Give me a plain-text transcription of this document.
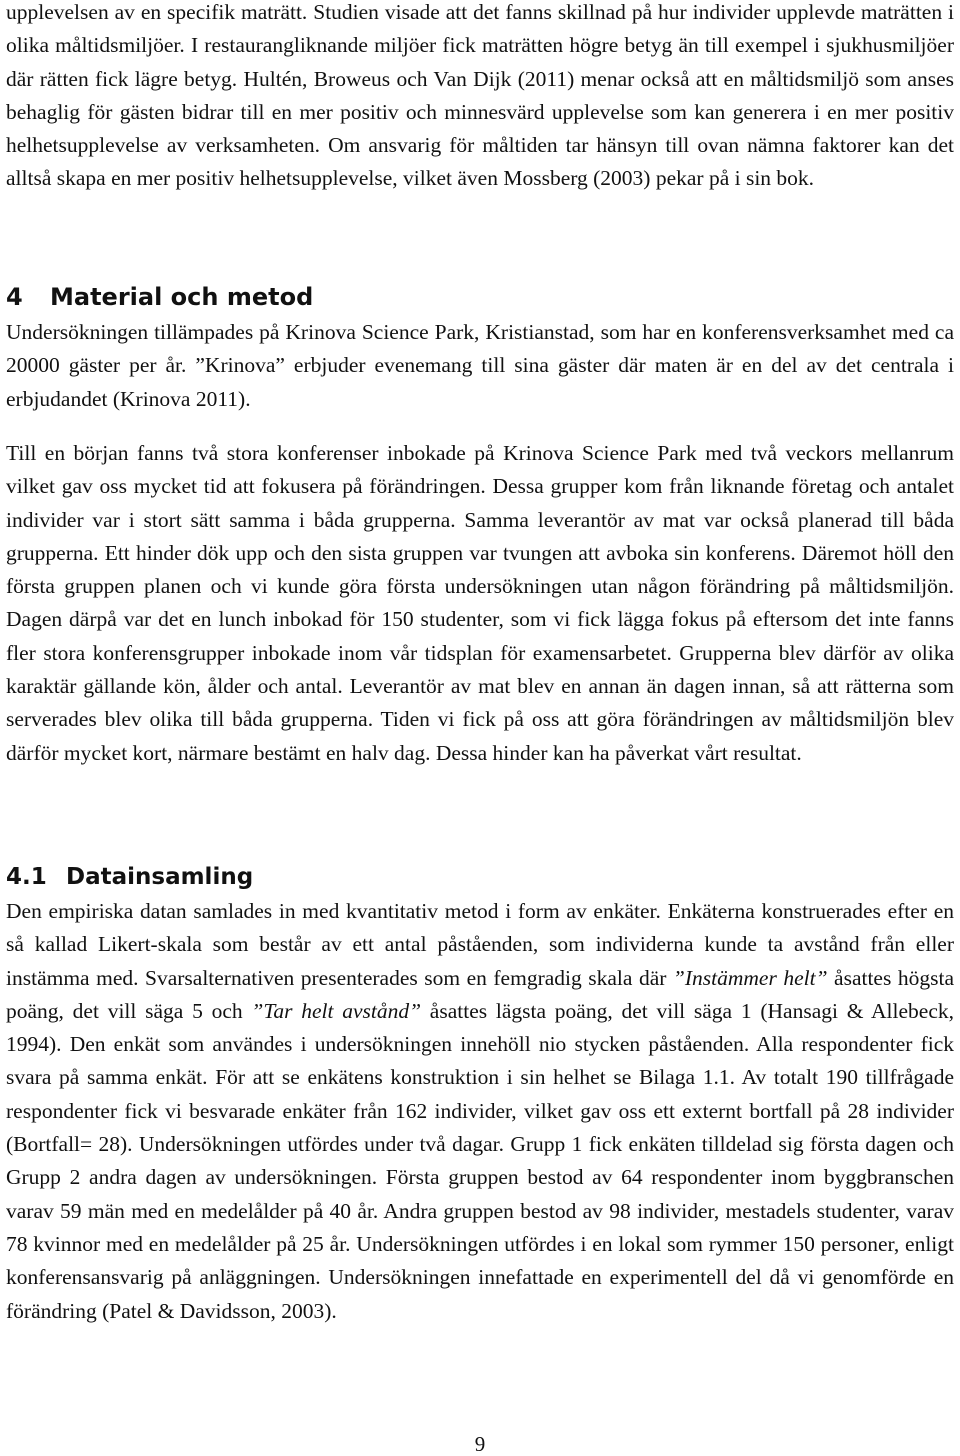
upplevelsen av en specifik maträtt. Studien visade att det fanns skillnad på hur individer upplevde maträtten i olika måltidsmiljöer. I restaurangliknande miljöer fick maträtten högre betyg än till exempel i sjukhusmiljöer där rätten fick lägre betyg. Hultén, Broweus och Van Dijk (2011) menar också att en måltidsmiljö som anses behaglig för gästen bidrar till en mer positiv och minnesvärd upplevelse som kan generera i en mer positiv helhetsupplevelse av verksamheten. Om ansvarig för måltiden tar hänsyn till ovan nämna faktorer kan det alltså skapa en mer positiv helhetsupplevelse, vilket även Mossberg (2003) pekar på i sin bok.

4 Material och metod

Undersökningen tillämpades på Krinova Science Park, Kristianstad, som har en konferensverksamhet med ca 20000 gäster per år. ”Krinova” erbjuder evenemang till sina gäster där maten är en del av det centrala i erbjudandet (Krinova 2011).

Till en början fanns två stora konferenser inbokade på Krinova Science Park med två veckors mellanrum vilket gav oss mycket tid att fokusera på förändringen. Dessa grupper kom från liknande företag och antalet individer var i stort sätt samma i båda grupperna. Samma leverantör av mat var också planerad till båda grupperna. Ett hinder dök upp och den sista gruppen var tvungen att avboka sin konferens. Däremot höll den första gruppen planen och vi kunde göra första undersökningen utan någon förändring på måltidsmiljön. Dagen därpå var det en lunch inbokad för 150 studenter, som vi fick lägga fokus på eftersom det inte fanns fler stora konferensgrupper inbokade inom vår tidsplan för examensarbetet. Grupperna blev därför av olika karaktär gällande kön, ålder och antal. Leverantör av mat blev en annan än dagen innan, så att rätterna som serverades blev olika till båda grupperna. Tiden vi fick på oss att göra förändringen av måltidsmiljön blev därför mycket kort, närmare bestämt en halv dag. Dessa hinder kan ha påverkat vårt resultat.

4.1 Datainsamling

Den empiriska datan samlades in med kvantitativ metod i form av enkäter. Enkäterna konstruerades efter en så kallad Likert-skala som består av ett antal påståenden, som individerna kunde ta avstånd från eller instämma med. Svarsalternativen presenterades som en femgradig skala där ”Instämmer helt” åsattes högsta poäng, det vill säga 5 och ”Tar helt avstånd” åsattes lägsta poäng, det vill säga 1 (Hansagi & Allebeck, 1994). Den enkät som användes i undersökningen innehöll nio stycken påståenden. Alla respondenter fick svara på samma enkät. För att se enkätens konstruktion i sin helhet se Bilaga 1.1. Av totalt 190 tillfrågade respondenter fick vi besvarade enkäter från 162 individer, vilket gav oss ett externt bortfall på 28 individer (Bortfall= 28). Undersökningen utfördes under två dagar. Grupp 1 fick enkäten tilldelad sig första dagen och Grupp 2 andra dagen av undersökningen. Första gruppen bestod av 64 respondenter inom byggbranschen varav 59 män med en medelålder på 40 år. Andra gruppen bestod av 98 individer, mestadels studenter, varav 78 kvinnor med en medelålder på 25 år. Undersökningen utfördes i en lokal som rymmer 150 personer, enligt konferensansvarig på anläggningen. Undersökningen innefattade en experimentell del då vi genomförde en förändring (Patel & Davidsson, 2003).

9
